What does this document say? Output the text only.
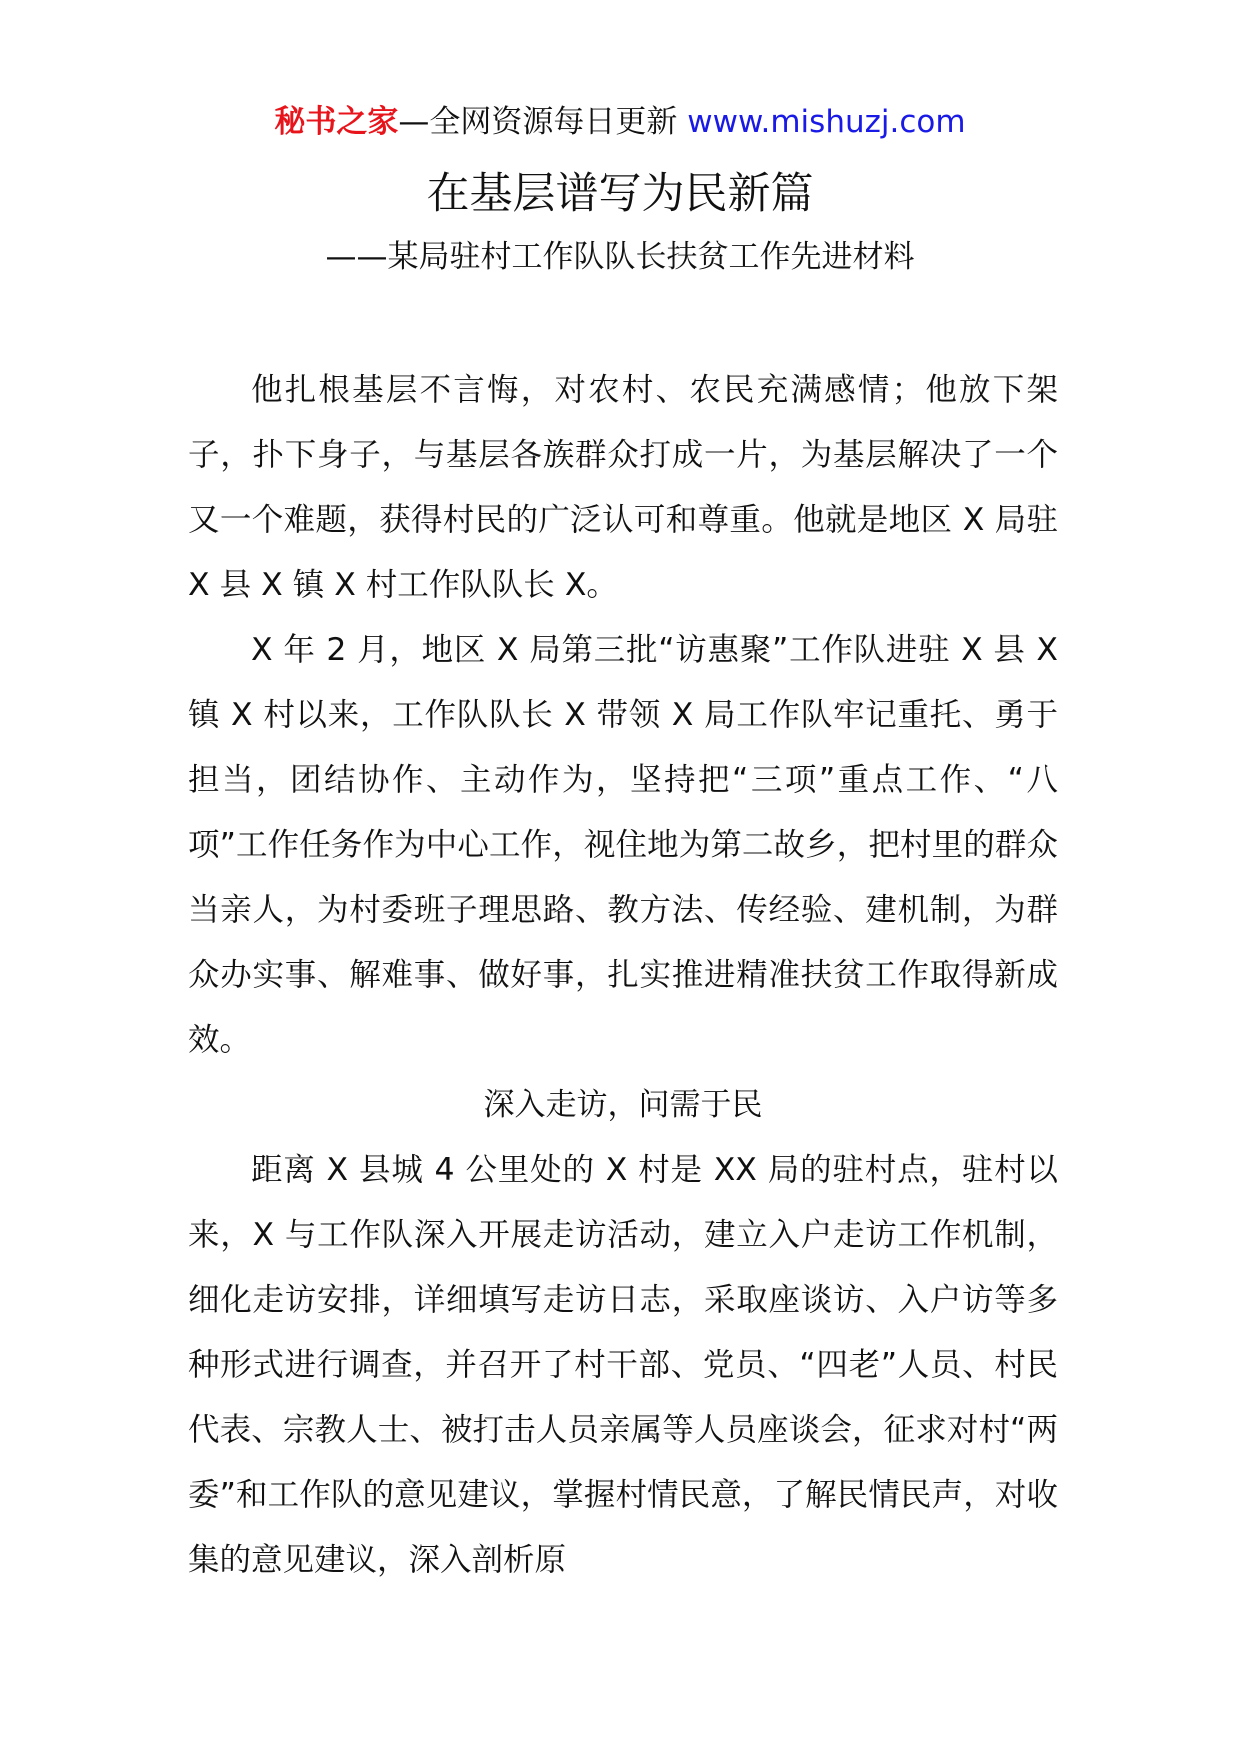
秘书之家—全网资源每日更新 www.mishuzj.com
在基层谱写为民新篇
——某局驻村工作队队长扶贫工作先进材料

他扎根基层不言悔，对农村、农民充满感情；他放下架子，扑下身子，与基层各族群众打成一片，为基层解决了一个又一个难题，获得村民的广泛认可和尊重。他就是地区 X 局驻 X 县 X 镇 X 村工作队队长 X。

X 年 2 月，地区 X 局第三批“访惠聚”工作队进驻 X 县 X 镇 X 村以来，工作队队长 X 带领 X 局工作队牢记重托、勇于担当，团结协作、主动作为，坚持把“三项”重点工作、“八项”工作任务作为中心工作，视住地为第二故乡，把村里的群众当亲人，为村委班子理思路、教方法、传经验、建机制，为群众办实事、解难事、做好事，扎实推进精准扶贫工作取得新成效。

深入走访，问需于民

距离 X 县城 4 公里处的 X 村是 XX 局的驻村点，驻村以来，X 与工作队深入开展走访活动，建立入户走访工作机制，细化走访安排，详细填写走访日志，采取座谈访、入户访等多种形式进行调查，并召开了村干部、党员、“四老”人员、村民代表、宗教人士、被打击人员亲属等人员座谈会，征求对村“两委”和工作队的意见建议，掌握村情民意，了解民情民声，对收集的意见建议，深入剖析原
